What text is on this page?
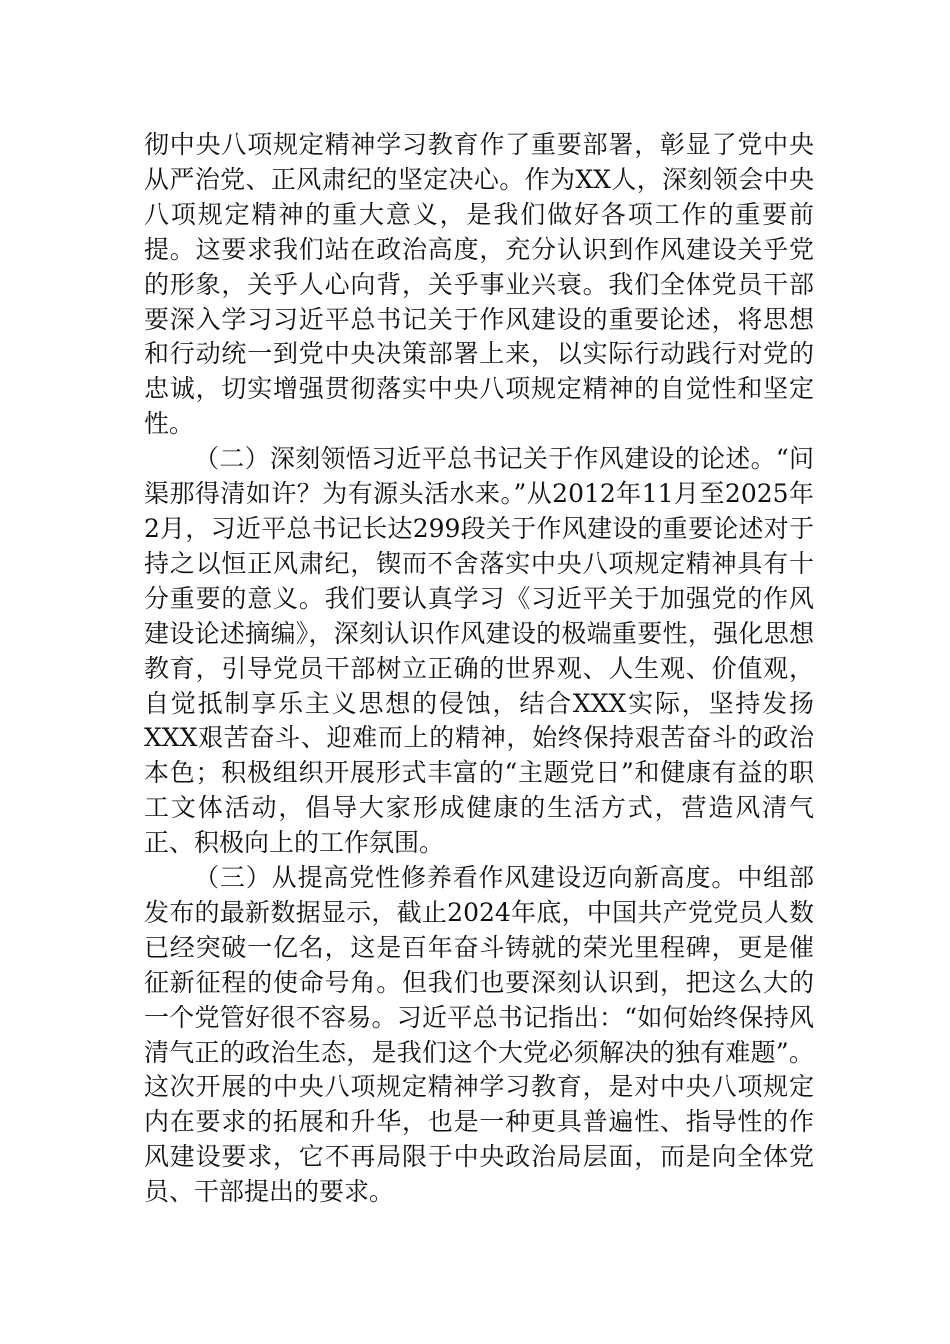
彻中央八项规定精神学习教育作了重要部署，彰显了党中央从严治党、正风肃纪的坚定决心。作为XX人，深刻领会中央八项规定精神的重大意义，是我们做好各项工作的重要前提。这要求我们站在政治高度，充分认识到作风建设关乎党的形象，关乎人心向背，关乎事业兴衰。我们全体党员干部要深入学习习近平总书记关于作风建设的重要论述，将思想和行动统一到党中央决策部署上来，以实际行动践行对党的忠诚，切实增强贯彻落实中央八项规定精神的自觉性和坚定性。

（二）深刻领悟习近平总书记关于作风建设的论述。“问渠那得清如许？为有源头活水来。”从2012年11月至2025年2月，习近平总书记长达299段关于作风建设的重要论述对于持之以恒正风肃纪，锲而不舍落实中央八项规定精神具有十分重要的意义。我们要认真学习《习近平关于加强党的作风建设论述摘编》，深刻认识作风建设的极端重要性，强化思想教育，引导党员干部树立正确的世界观、人生观、价值观，自觉抵制享乐主义思想的侵蚀，结合XXX实际，坚持发扬XXX艰苦奋斗、迎难而上的精神，始终保持艰苦奋斗的政治本色；积极组织开展形式丰富的“主题党日”和健康有益的职工文体活动，倡导大家形成健康的生活方式，营造风清气正、积极向上的工作氛围。

（三）从提高党性修养看作风建设迈向新高度。中组部发布的最新数据显示，截止2024年底，中国共产党党员人数已经突破一亿名，这是百年奋斗铸就的荣光里程碑，更是催征新征程的使命号角。但我们也要深刻认识到，把这么大的一个党管好很不容易。习近平总书记指出：“如何始终保持风清气正的政治生态，是我们这个大党必须解决的独有难题”。这次开展的中央八项规定精神学习教育，是对中央八项规定内在要求的拓展和升华，也是一种更具普遍性、指导性的作风建设要求，它不再局限于中央政治局层面，而是向全体党员、干部提出的要求。
